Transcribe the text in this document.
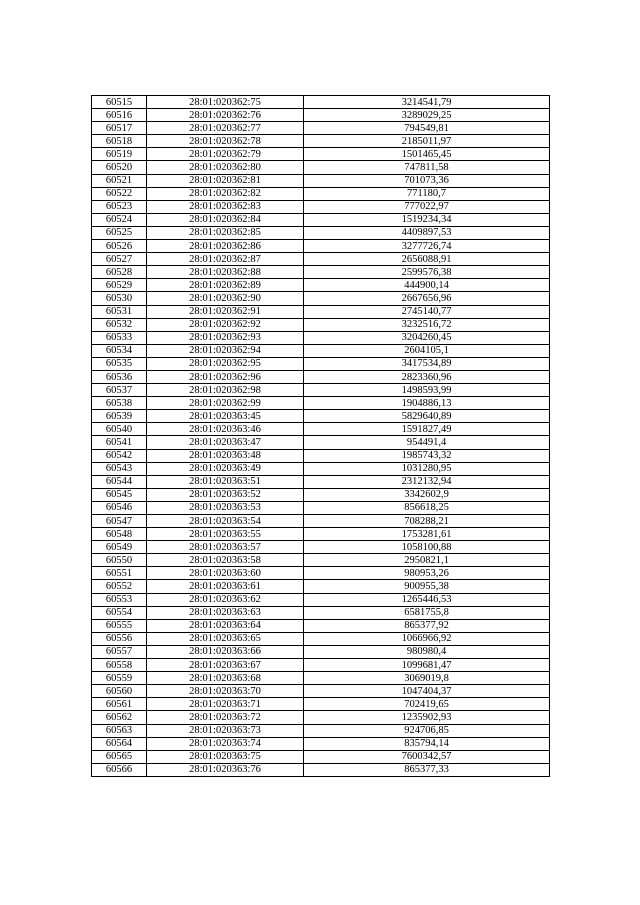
60515	28:01:020362:75	3214541,79
60516	28:01:020362:76	3289029,25
60517	28:01:020362:77	794549,81
60518	28:01:020362:78	2185011,97
60519	28:01:020362:79	1501465,45
60520	28:01:020362:80	747811,58
60521	28:01:020362:81	701073,36
60522	28:01:020362:82	771180,7
60523	28:01:020362:83	777022,97
60524	28:01:020362:84	1519234,34
60525	28:01:020362:85	4409897,53
60526	28:01:020362:86	3277726,74
60527	28:01:020362:87	2656088,91
60528	28:01:020362:88	2599576,38
60529	28:01:020362:89	444900,14
60530	28:01:020362:90	2667656,96
60531	28:01:020362:91	2745140,77
60532	28:01:020362:92	3232516,72
60533	28:01:020362:93	3204260,45
60534	28:01:020362:94	2604105,1
60535	28:01:020362:95	3417534,89
60536	28:01:020362:96	2823360,96
60537	28:01:020362:98	1498593,99
60538	28:01:020362:99	1904886,13
60539	28:01:020363:45	5829640,89
60540	28:01:020363:46	1591827,49
60541	28:01:020363:47	954491,4
60542	28:01:020363:48	1985743,32
60543	28:01:020363:49	1031280,95
60544	28:01:020363:51	2312132,94
60545	28:01:020363:52	3342602,9
60546	28:01:020363:53	856618,25
60547	28:01:020363:54	708288,21
60548	28:01:020363:55	1753281,61
60549	28:01:020363:57	1058100,88
60550	28:01:020363:58	2950821,1
60551	28:01:020363:60	980953,26
60552	28:01:020363:61	900955,38
60553	28:01:020363:62	1265446,53
60554	28:01:020363:63	6581755,8
60555	28:01:020363:64	865377,92
60556	28:01:020363:65	1066966,92
60557	28:01:020363:66	980980,4
60558	28:01:020363:67	1099681,47
60559	28:01:020363:68	3069019,8
60560	28:01:020363:70	1047404,37
60561	28:01:020363:71	702419,65
60562	28:01:020363:72	1235902,93
60563	28:01:020363:73	924706,85
60564	28:01:020363:74	835794,14
60565	28:01:020363:75	7600342,57
60566	28:01:020363:76	865377,33
